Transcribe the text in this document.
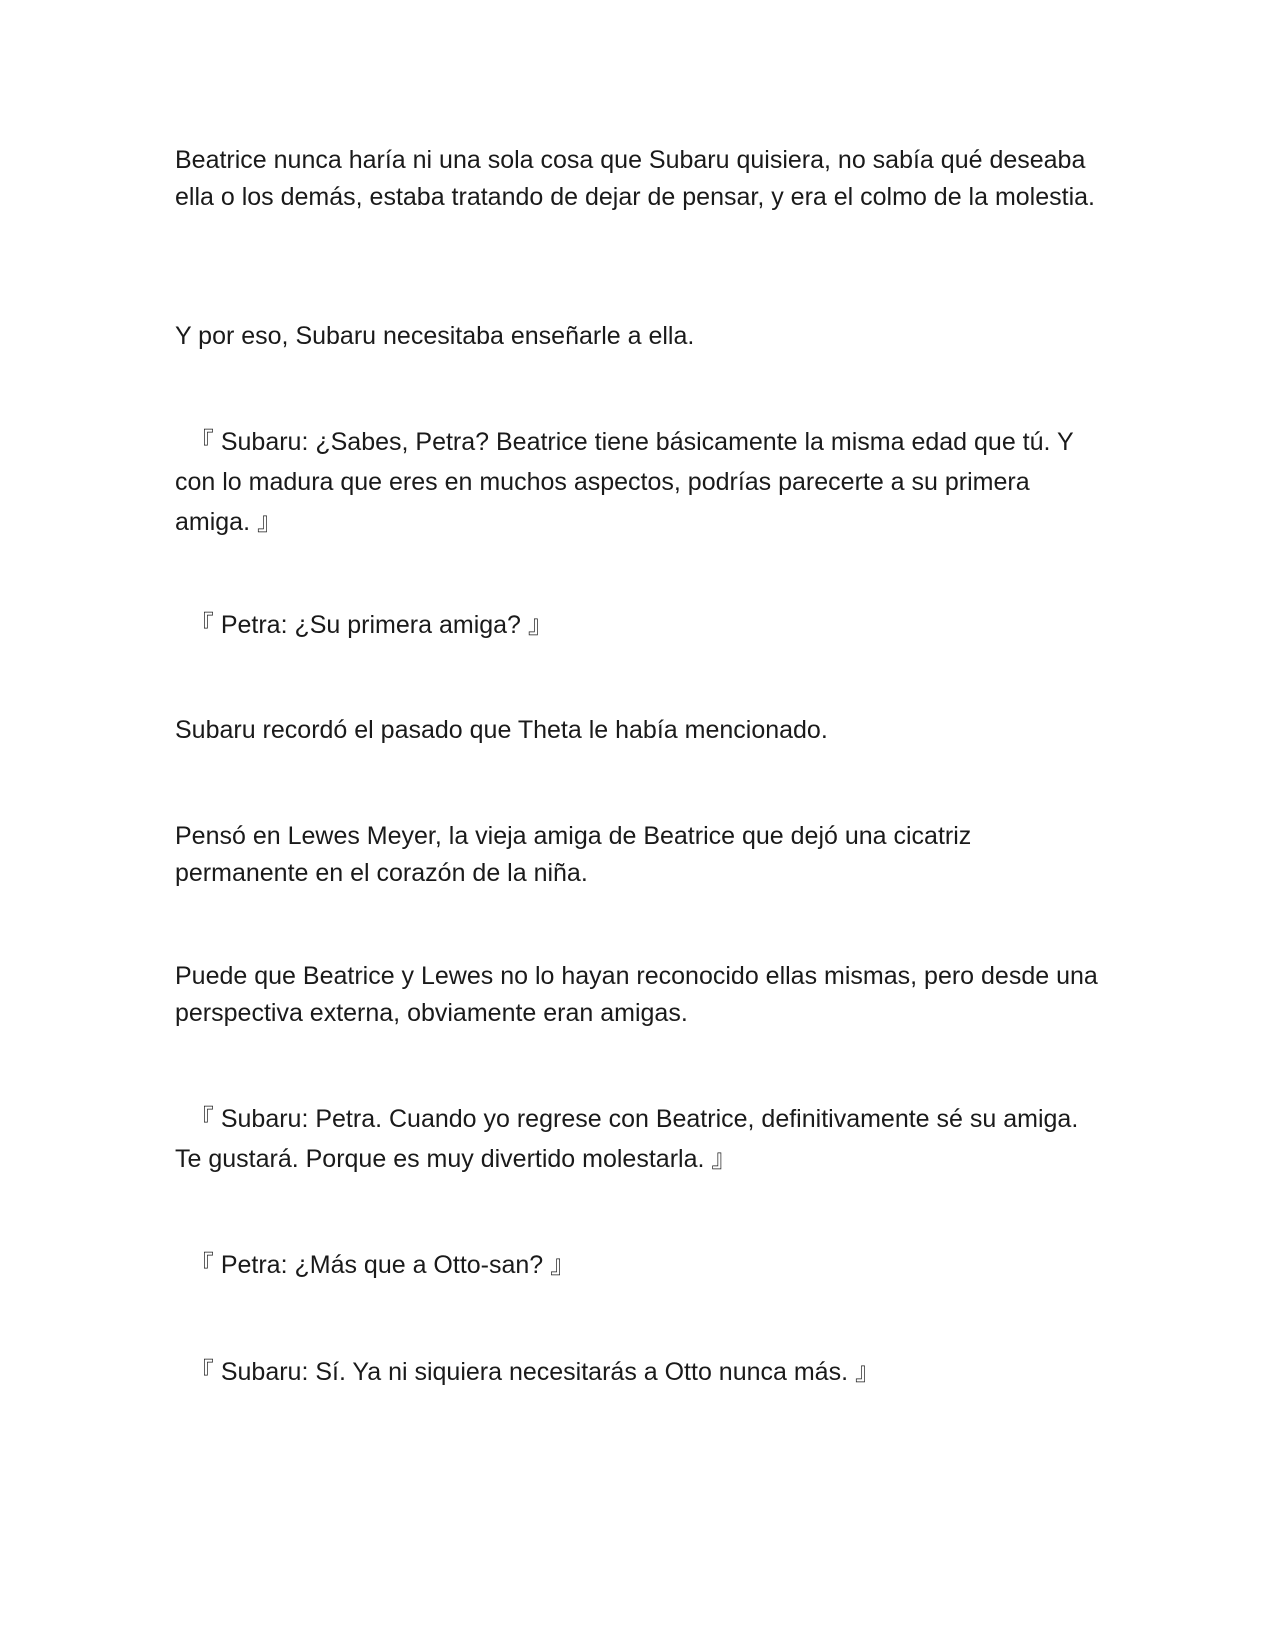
Beatrice nunca haría ni una sola cosa que Subaru quisiera, no sabía qué deseaba ella o los demás, estaba tratando de dejar de pensar, y era el colmo de la molestia.

Y por eso, Subaru necesitaba enseñarle a ella.

『 Subaru: ¿Sabes, Petra? Beatrice tiene básicamente la misma edad que tú. Y con lo madura que eres en muchos aspectos, podrías parecerte a su primera amiga. 』

『 Petra: ¿Su primera amiga? 』

Subaru recordó el pasado que Theta le había mencionado.

Pensó en Lewes Meyer, la vieja amiga de Beatrice que dejó una cicatriz permanente en el corazón de la niña.

Puede que Beatrice y Lewes no lo hayan reconocido ellas mismas, pero desde una perspectiva externa, obviamente eran amigas.

『 Subaru: Petra. Cuando yo regrese con Beatrice, definitivamente sé su amiga. Te gustará. Porque es muy divertido molestarla. 』

『 Petra: ¿Más que a Otto-san? 』

『 Subaru: Sí. Ya ni siquiera necesitarás a Otto nunca más. 』
